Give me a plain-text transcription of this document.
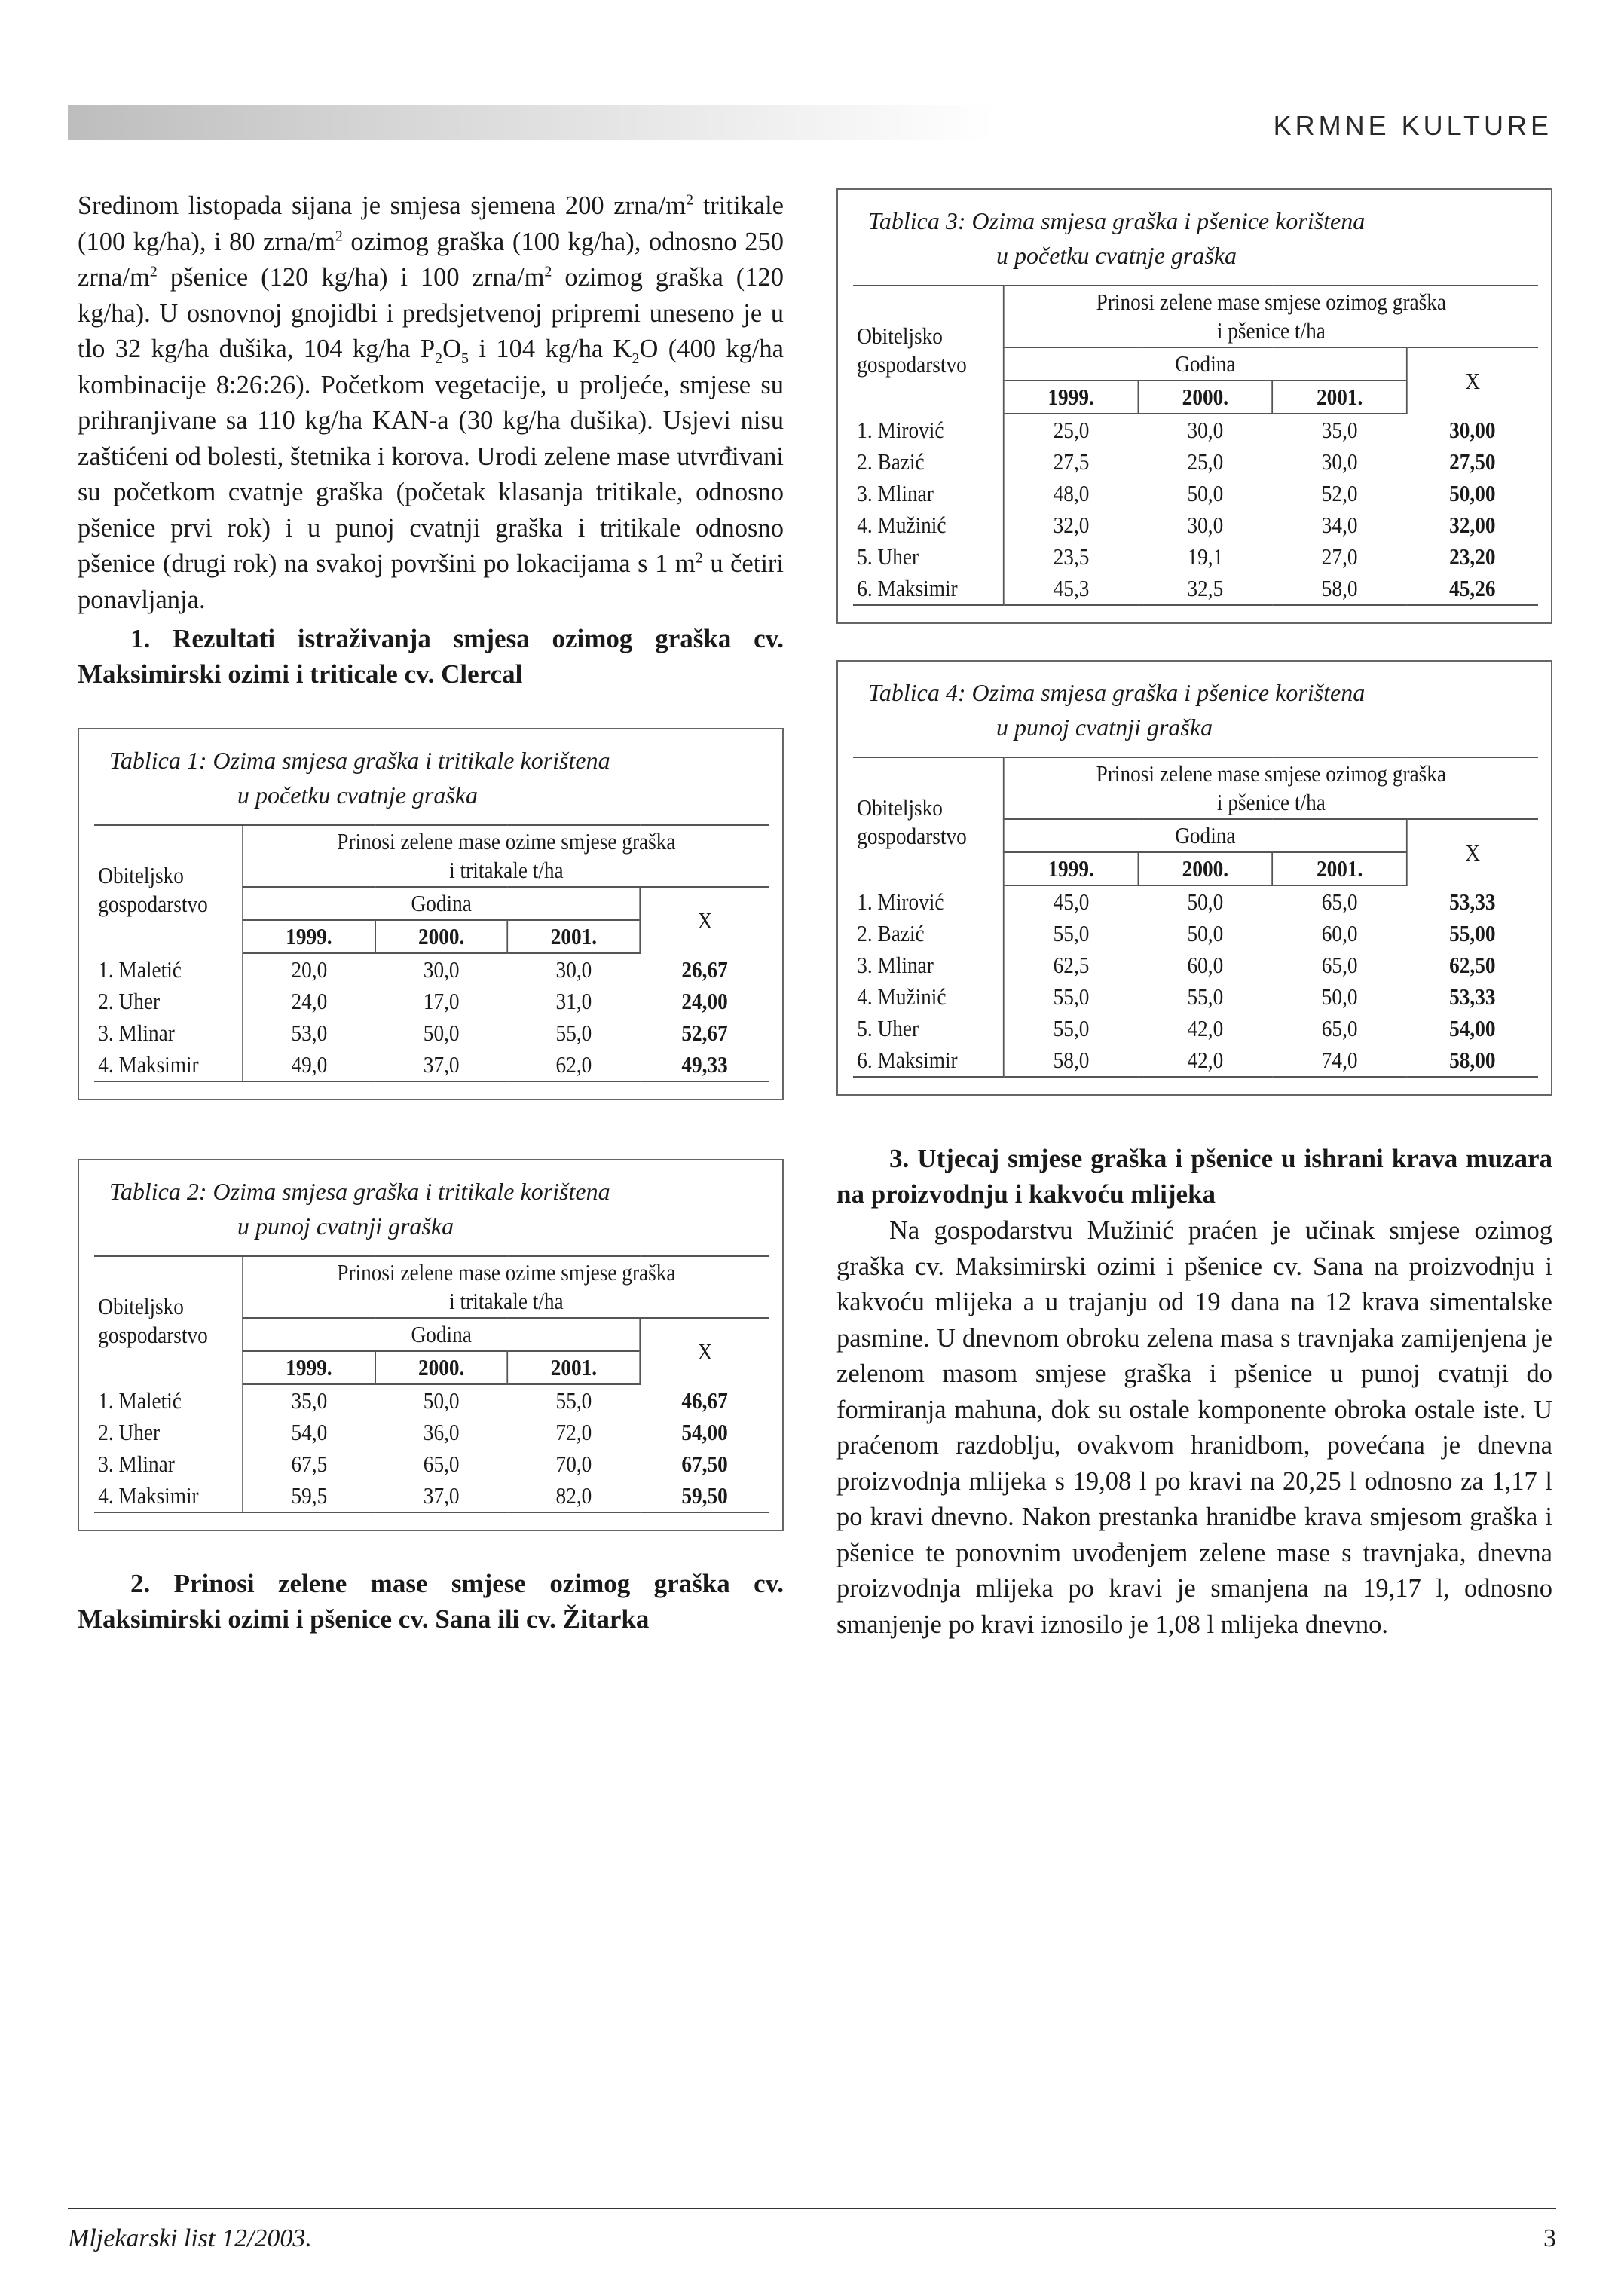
KRMNE KULTURE

Sredinom listopada sijana je smjesa sjemena 200 zrna/$m^2$ tritikale (100 kg/ha), i 80 zrna/$m^2$ ozimog graška (100 kg/ha), odnosno 250 zrna/$m^2$ pšenice (120 kg/ha) i 100 zrna/$m^2$ ozimog graška (120 kg/ha). U osnovnoj gnojidbi i predsjetvenoj pripremi uneseno je u tlo 32 kg/ha dušika, 104 kg/ha $P_2O_5$ i 104 kg/ha $K_2O$ (400 kg/ha kombinacije 8:26:26). Početkom vegetacije, u proljeće, smjese su prihranjivane sa 110 kg/ha KAN-a (30 kg/ha dušika). Usjevi nisu zaštićeni od bolesti, štetnika i korova. Urodi zelene mase utvrđivani su početkom cvatnje graška (početak klasanja tritikale, odnosno pšenice prvi rok) i u punoj cvatnji graška i tritikale odnosno pšenice (drugi rok) na svakoj površini po lokacijama s 1 $m^2$ u četiri ponavljanja.

1. Rezultati istraživanja smjesa ozimog graška cv. Maksimirski ozimi i triticale cv. Clercal

Tablica 1: Ozima smjesa graška i tritikale korištena
u početku cvatnje graška

Obiteljsko
gospodarstvo	Prinosi zelene mase ozime smjese graška
i tritakale t/ha			
	Godina			X
	1999.	2000.	2001.	
1. Maletić	20,0	30,0	30,0	26,67
2. Uher	24,0	17,0	31,0	24,00
3. Mlinar	53,0	50,0	55,0	52,67
4. Maksimir	49,0	37,0	62,0	49,33

Tablica 2: Ozima smjesa graška i tritikale korištena
u punoj cvatnji graška

Obiteljsko
gospodarstvo	Prinosi zelene mase ozime smjese graška
i tritakale t/ha			
	Godina			X
	1999.	2000.	2001.	
1. Maletić	35,0	50,0	55,0	46,67
2. Uher	54,0	36,0	72,0	54,00
3. Mlinar	67,5	65,0	70,0	67,50
4. Maksimir	59,5	37,0	82,0	59,50

2. Prinosi zelene mase smjese ozimog graška cv. Maksimirski ozimi i pšenice cv. Sana ili cv. Žitarka

Tablica 3: Ozima smjesa graška i pšenice korištena
u početku cvatnje graška

Obiteljsko
gospodarstvo	Prinosi zelene mase smjese ozimog graška
i pšenice t/ha			
	Godina			X
	1999.	2000.	2001.	
1. Mirović	25,0	30,0	35,0	30,00
2. Bazić	27,5	25,0	30,0	27,50
3. Mlinar	48,0	50,0	52,0	50,00
4. Mužinić	32,0	30,0	34,0	32,00
5. Uher	23,5	19,1	27,0	23,20
6. Maksimir	45,3	32,5	58,0	45,26

Tablica 4: Ozima smjesa graška i pšenice korištena
u punoj cvatnji graška

Obiteljsko
gospodarstvo	Prinosi zelene mase smjese ozimog graška
i pšenice t/ha			
	Godina			X
	1999.	2000.	2001.	
1. Mirović	45,0	50,0	65,0	53,33
2. Bazić	55,0	50,0	60,0	55,00
3. Mlinar	62,5	60,0	65,0	62,50
4. Mužinić	55,0	55,0	50,0	53,33
5. Uher	55,0	42,0	65,0	54,00
6. Maksimir	58,0	42,0	74,0	58,00

3. Utjecaj smjese graška i pšenice u ishrani krava muzara na proizvodnju i kakvoću mlijeka

Na gospodarstvu Mužinić praćen je učinak smjese ozimog graška cv. Maksimirski ozimi i pšenice cv. Sana na proizvodnju i kakvoću mlijeka a u trajanju od 19 dana na 12 krava simentalske pasmine. U dnevnom obroku zelena masa s travnjaka zamijenjena je zelenom masom smjese graška i pšenice u punoj cvatnji do formiranja mahuna, dok su ostale komponente obroka ostale iste. U praćenom razdoblju, ovakvom hranidbom, povećana je dnevna proizvodnja mlijeka s 19,08 l po kravi na 20,25 l odnosno za 1,17 l po kravi dnevno. Nakon prestanka hranidbe krava smjesom graška i pšenice te ponovnim uvođenjem zelene mase s travnjaka, dnevna proizvodnja mlijeka po kravi je smanjena na 19,17 l, odnosno smanjenje po kravi iznosilo je 1,08 l mlijeka dnevno.

Mljekarski list 12/2003.	3
